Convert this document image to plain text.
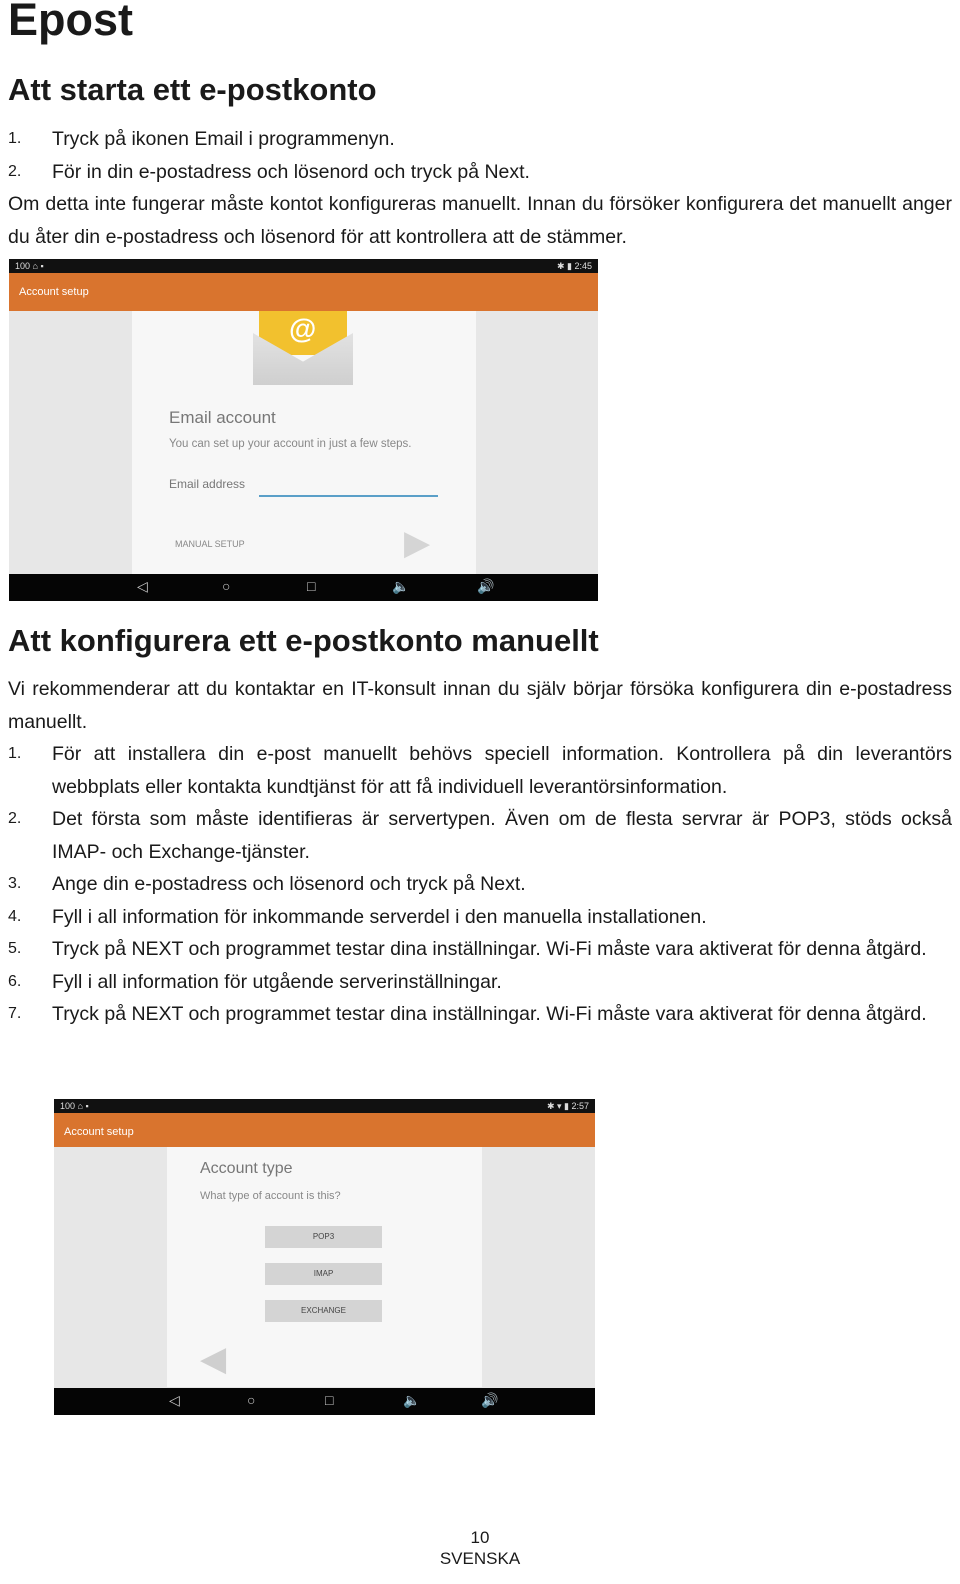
Epost
Att starta ett e-postkonto
1. Tryck på ikonen Email i programmenyn.
2. För in din e-postadress och lösenord och tryck på Next.

Om detta inte fungerar måste kontot konfigureras manuellt. Innan du försöker konfigurera det manuellt anger du åter din e-postadress och lösenord för att kontrollera att de stämmer.

100 ⌂ ▪	✱ ▮ 2:45
Account setup
@
Email account
You can set up your account in just a few steps.
Email address
MANUAL SETUP	▶
◁	○	□	🔈	🔊
Att konfigurera ett e-postkonto manuellt

Vi rekommenderar att du kontaktar en IT-konsult innan du själv börjar försöka konfigurera din e-postadress manuellt.

1. För att installera din e-post manuellt behövs speciell information. Kontrollera på din leverantörs webbplats eller kontakta kundtjänst för att få individuell leverantörsinformation.
2. Det första som måste identifieras är servertypen. Även om de flesta servrar är POP3, stöds också IMAP- och Exchange-tjänster.
3. Ange din e-postadress och lösenord och tryck på Next.
4. Fyll i all information för inkommande serverdel i den manuella installationen.
5. Tryck på NEXT och programmet testar dina inställningar. Wi-Fi måste vara aktiverat för denna åtgärd.
6. Fyll i all information för utgående serverinställningar.
7. Tryck på NEXT och programmet testar dina inställningar. Wi-Fi måste vara aktiverat för denna åtgärd.
100 ⌂ ▪	✱ ▾ ▮ 2:57
Account setup
Account type
What type of account is this?
POP3
IMAP
EXCHANGE
◀
◁	○	□	🔈	🔊
10
SVENSKA
